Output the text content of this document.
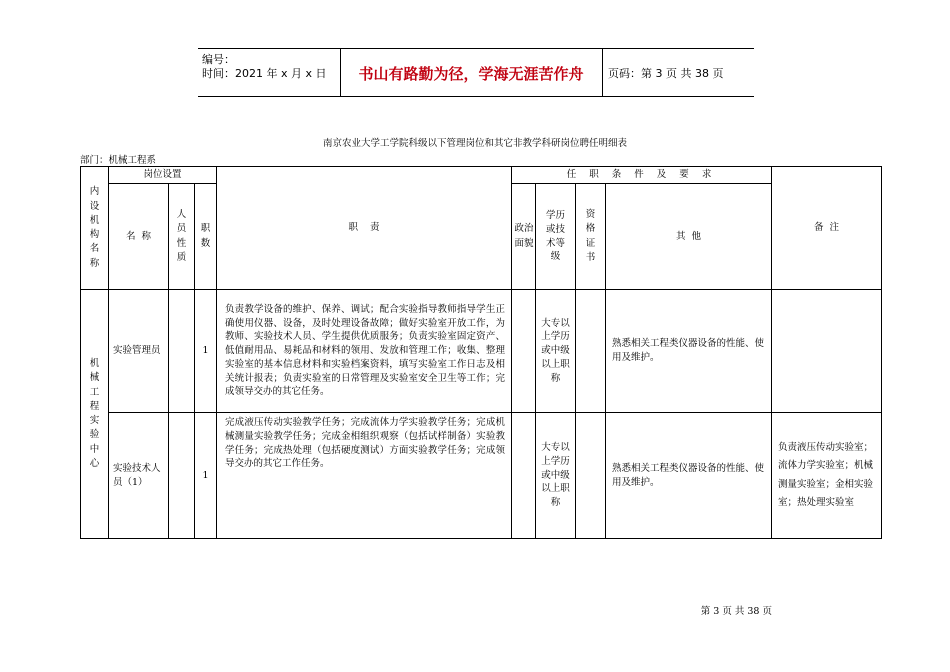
编号：
时间：2021 年 x 月 x 日	书山有路勤为径，学海无涯苦作舟	页码：第 3 页 共 38 页
南京农业大学工学院科级以下管理岗位和其它非教学科研岗位聘任明细表
部门：机械工程系
内设机构名称	岗位设置			职    责	任 职 条 件 及 要 求				备  注
	名  称	人员性质	职数		政治面貌	学历或技术等级	资格证书	其  他	

机械工程实验中心	实验管理员		1	负责教学设备的维护、保养、调试；配合实验指导教师指导学生正确使用仪器、设备，及时处理设备故障；做好实验室开放工作，为教师、实验技术人员、学生提供优质服务；负责实验室固定资产、低值耐用品、易耗品和材料的领用、发放和管理工作；收集、整理实验室的基本信息材料和实验档案资料，填写实验室工作日志及相关统计报表；负责实验室的日常管理及实验室安全卫生等工作；完成领导交办的其它任务。		大专以上学历或中级以上职称		熟悉相关工程类仪器设备的性能、使用及维护。	
	实验技术人员（1）		1	完成液压传动实验教学任务；完成流体力学实验教学任务；完成机械测量实验教学任务；完成金相组织观察（包括试样制备）实验教学任务；完成热处理（包括硬度测试）方面实验教学任务；完成领导交办的其它工作任务。		大专以上学历或中级以上职称		熟悉相关工程类仪器设备的性能、使用及维护。	负责液压传动实验室；流体力学实验室；机械测量实验室；金相实验室；热处理实验室
第 3 页 共 38 页
